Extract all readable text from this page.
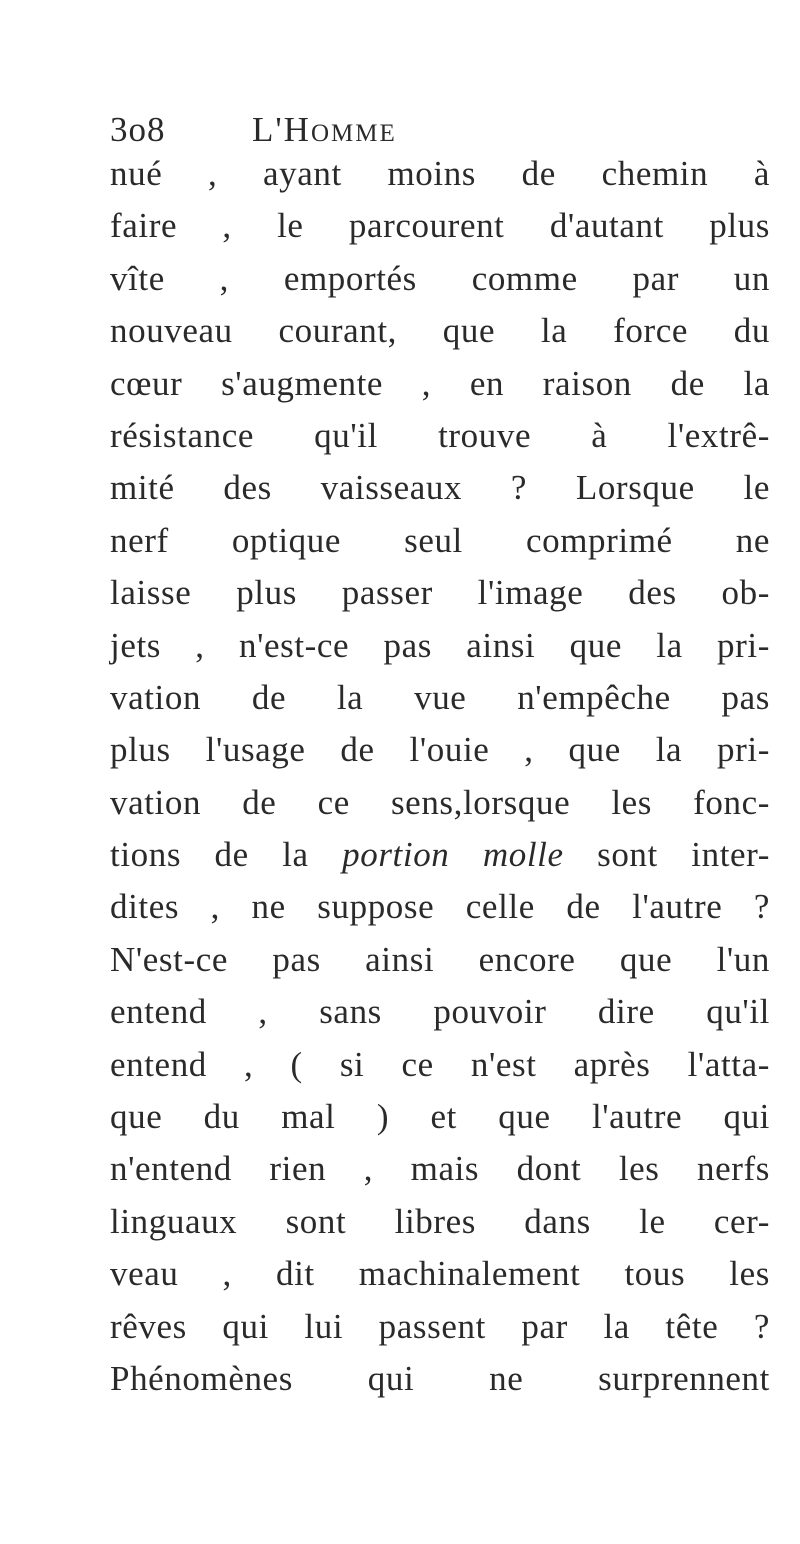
3o8 L'Homme
nué , ayant moins de chemin à
faire , le parcourent d'autant plus
vîte , emportés comme par un
nouveau courant, que la force du
cœur s'augmente , en raison de la
résistance qu'il trouve à l'extrê-
mité des vaisseaux ? Lorsque le
nerf optique seul comprimé ne
laisse plus passer l'image des ob-
jets , n'est-ce pas ainsi que la pri-
vation de la vue n'empêche pas
plus l'usage de l'ouie , que la pri-
vation de ce sens,lorsque les fonc-
tions de la portion molle sont inter-
dites , ne suppose celle de l'autre ?
N'est-ce pas ainsi encore que l'un
entend , sans pouvoir dire qu'il
entend , ( si ce n'est après l'atta-
que du mal ) et que l'autre qui
n'entend rien , mais dont les nerfs
linguaux sont libres dans le cer-
veau , dit machinalement tous les
rêves qui lui passent par la tête ?
Phénomènes qui ne surprennent
